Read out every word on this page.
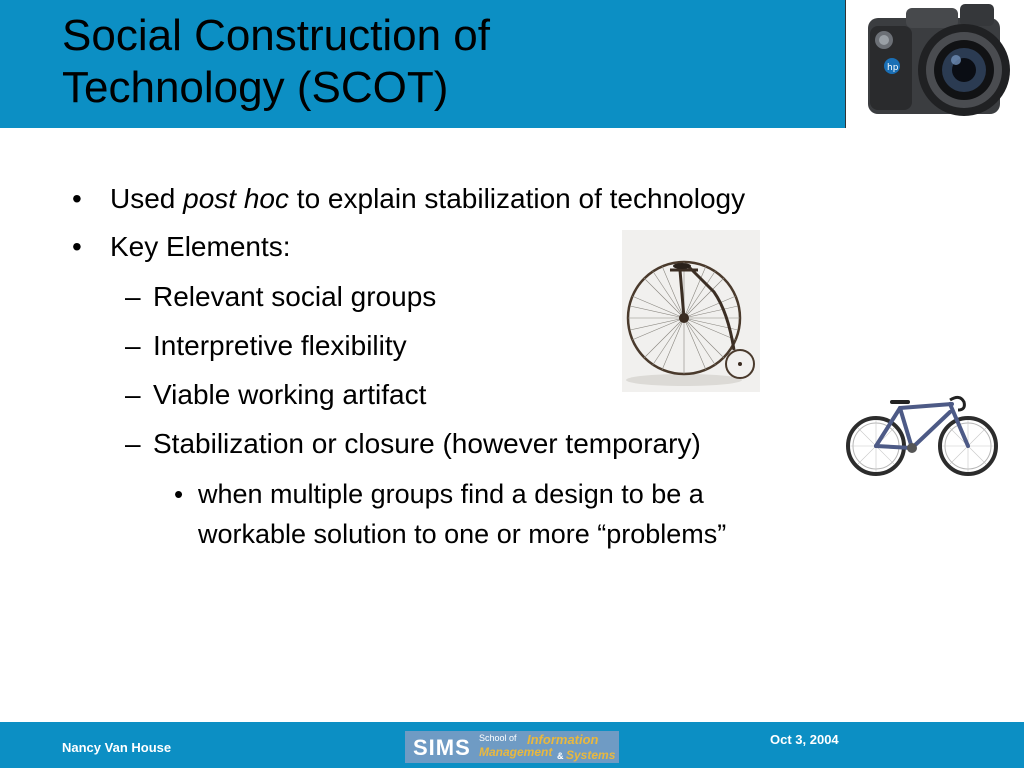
Social Construction of
Technology (SCOT)	hp
• Used post hoc to explain stabilization of technology
• Key Elements:
– Relevant social groups
– Interpretive flexibility
– Viable working artifact
– Stabilization or closure (however temporary)
• when multiple groups find a design to be a
workable solution to one or more “problems”
Nancy Van House
Oct 3, 2004
SIMS School of Information
Management & Systems
